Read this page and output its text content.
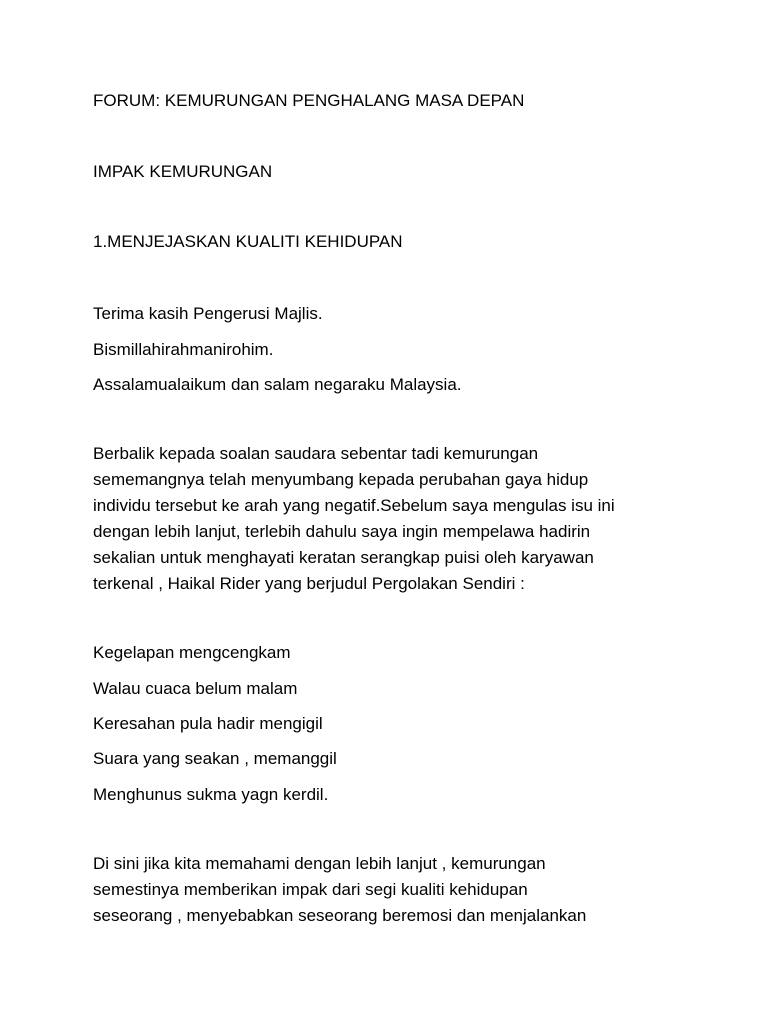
FORUM: KEMURUNGAN PENGHALANG MASA DEPAN

IMPAK KEMURUNGAN

1.MENJEJASKAN KUALITI KEHIDUPAN

Terima kasih Pengerusi Majlis.

Bismillahirahmanirohim.

Assalamualaikum dan salam negaraku Malaysia.

Berbalik kepada soalan saudara sebentar tadi kemurungan
sememangnya telah menyumbang kepada perubahan gaya hidup
individu tersebut ke arah yang negatif.Sebelum saya mengulas isu ini
dengan lebih lanjut, terlebih dahulu saya ingin mempelawa hadirin
sekalian untuk menghayati keratan serangkap puisi oleh karyawan
terkenal , Haikal Rider yang berjudul Pergolakan Sendiri :

Kegelapan mengcengkam

Walau cuaca belum malam

Keresahan pula hadir mengigil

Suara yang seakan , memanggil

Menghunus sukma yagn kerdil.

Di sini jika kita memahami dengan lebih lanjut , kemurungan
semestinya memberikan impak dari segi kualiti kehidupan
seseorang , menyebabkan seseorang beremosi dan menjalankan
